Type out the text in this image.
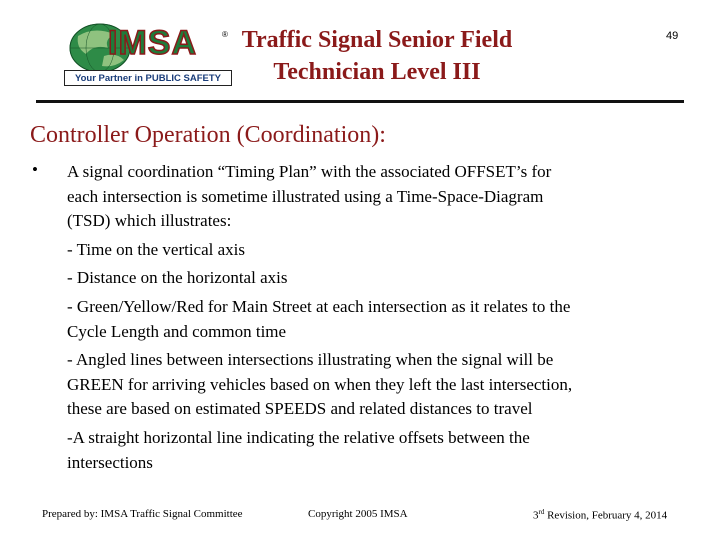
IMSA	®
Your Partner in PUBLIC SAFETY
Traffic Signal Senior Field
Technician Level III
49
Controller Operation (Coordination):
• A signal coordination “Timing Plan” with the associated OFFSET’s for

each intersection is sometime illustrated using a Time-Space-Diagram

(TSD) which illustrates:

- Time on the vertical axis

- Distance on the horizontal axis

- Green/Yellow/Red for Main Street at each intersection as it relates to the

Cycle Length and common time

- Angled lines between intersections illustrating when the signal will be

GREEN for arriving vehicles based on when they left the last intersection,

these are based on estimated SPEEDS and related distances to travel

-A straight horizontal line indicating the relative offsets between the

intersections

Prepared by: IMSA Traffic Signal Committee	Copyright 2005 IMSA	3rd Revision, February 4, 2014
